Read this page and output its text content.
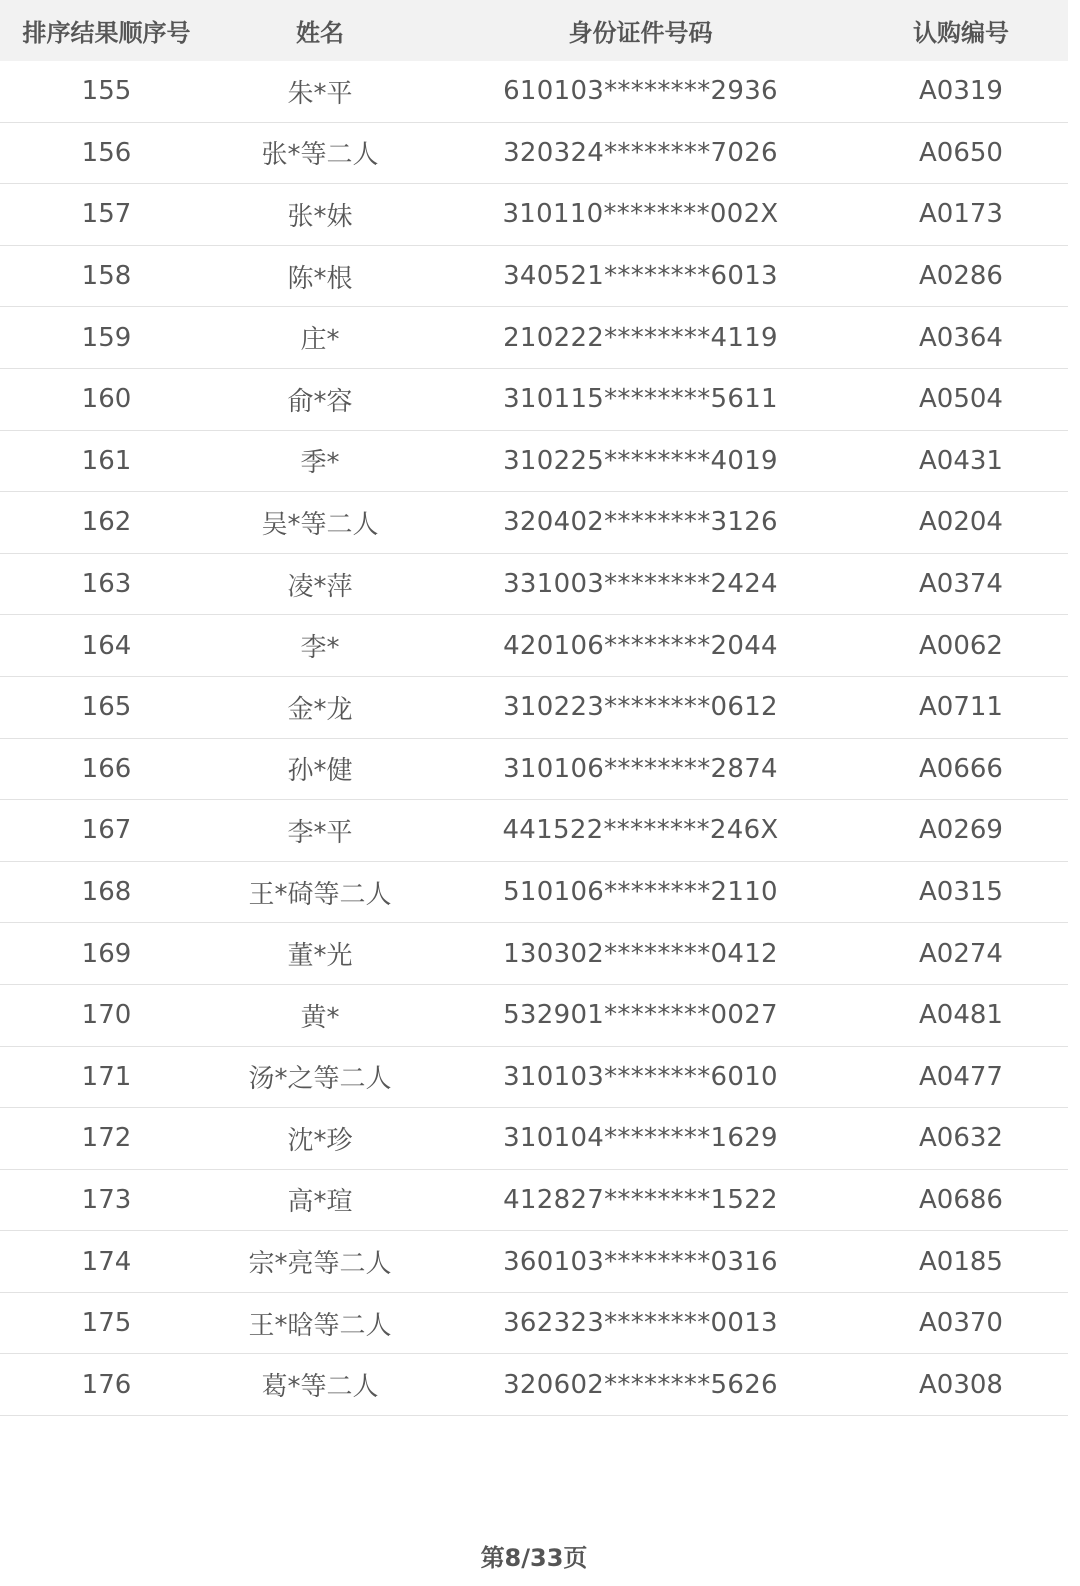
排序结果顺序号	姓名	身份证件号码	认购编号
155	朱*平	610103********2936	A0319
156	张*等二人	320324********7026	A0650
157	张*妹	310110********002X	A0173
158	陈*根	340521********6013	A0286
159	庄*	210222********4119	A0364
160	俞*容	310115********5611	A0504
161	季*	310225********4019	A0431
162	吴*等二人	320402********3126	A0204
163	凌*萍	331003********2424	A0374
164	李*	420106********2044	A0062
165	金*龙	310223********0612	A0711
166	孙*健	310106********2874	A0666
167	李*平	441522********246X	A0269
168	王*碕等二人	510106********2110	A0315
169	董*光	130302********0412	A0274
170	黄*	532901********0027	A0481
171	汤*之等二人	310103********6010	A0477
172	沈*珍	310104********1629	A0632
173	高*瑄	412827********1522	A0686
174	宗*亮等二人	360103********0316	A0185
175	王*晗等二人	362323********0013	A0370
176	葛*等二人	320602********5626	A0308
第8/33页
